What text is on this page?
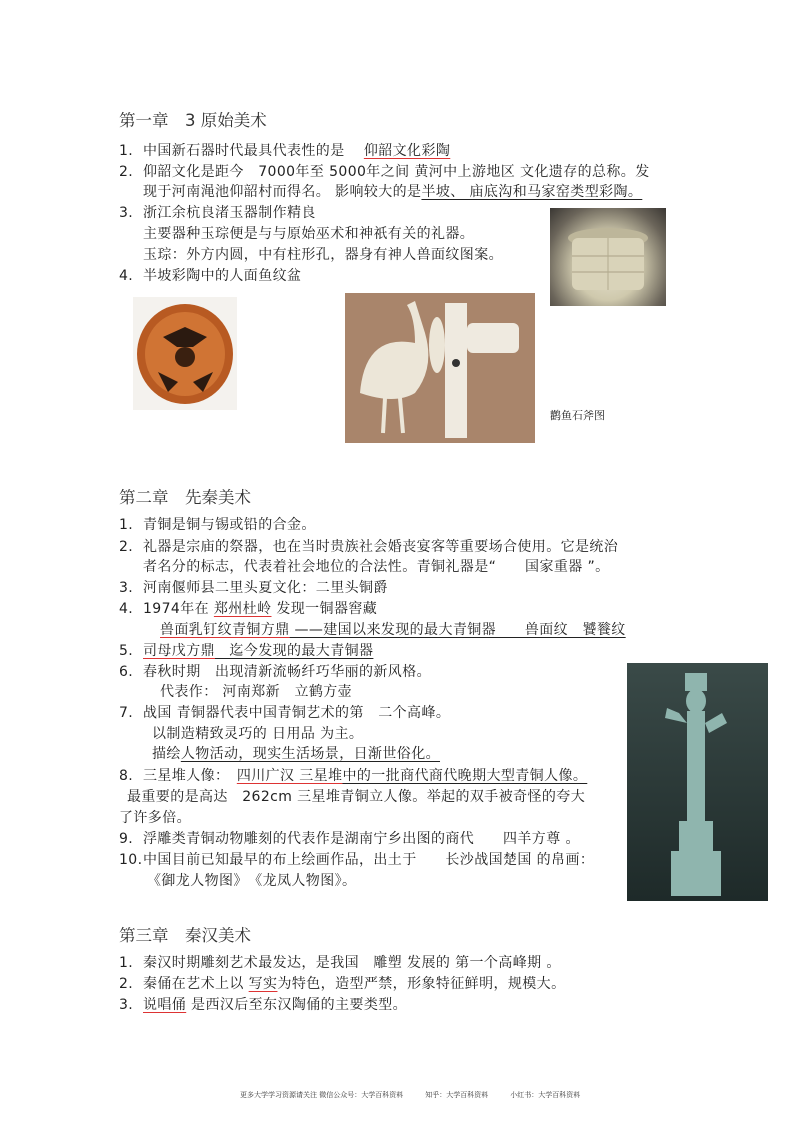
第一章　3 原始美术
1. 中国新石器时代最具代表性的是　 仰韶文化彩陶
2. 仰韶文化是距今　7000年至 5000年之间 黄河中上游地区 文化遗存的总称。发
现于河南渑池仰韶村而得名。 影响较大的是半坡、 庙底沟和马家窑类型彩陶。
3. 浙江余杭良渚玉器制作精良
主要器种玉琮便是与与原始巫术和神祇有关的礼器。
玉琮：外方内圆，中有柱形孔，器身有神人兽面纹图案。
4. 半坡彩陶中的人面鱼纹盆
鹳鱼石斧图
第二章　先秦美术
1. 青铜是铜与锡或铅的合金。
2. 礼器是宗庙的祭器，也在当时贵族社会婚丧宴客等重要场合使用。它是统治
者名分的标志，代表着社会地位的合法性。青铜礼器是“　　国家重器 ”。
3. 河南偃师县二里头夏文化：二里头铜爵
4. 1974年在 郑州杜岭 发现一铜器窖藏
兽面乳钉纹青铜方鼎 ——建国以来发现的最大青铜器　　兽面纹　饕餮纹
5. 司母戊方鼎　迄今发现的最大青铜器
6. 春秋时期　出现清新流畅纤巧华丽的新风格。
代表作： 河南郑新　立鹤方壶
7. 战国 青铜器代表中国青铜艺术的第　二个高峰。
以制造精致灵巧的 日用品 为主。
描绘人物活动，现实生活场景，日渐世俗化。
8. 三星堆人像：　四川广汉 三星堆中的一批商代商代晚期大型青铜人像。
最重要的是高达　262cm 三星堆青铜立人像。举起的双手被奇怪的夸大
了许多倍。
9. 浮雕类青铜动物雕刻的代表作是湖南宁乡出图的商代　　四羊方尊 。
10.中国目前已知最早的布上绘画作品，出土于　　长沙战国楚国 的帛画：
《御龙人物图》　《龙凤人物图》。
第三章　秦汉美术
1. 秦汉时期雕刻艺术最发达，是我国　雕塑 发展的 第一个高峰期 。
2. 秦俑在艺术上以 写实为特色，造型严禁，形象特征鲜明，规模大。
3. 说唱俑 是西汉后至东汉陶俑的主要类型。
更多大学学习资源请关注 微信公众号：大学百科资料	知乎：大学百科资料	小红书：大学百科资料
